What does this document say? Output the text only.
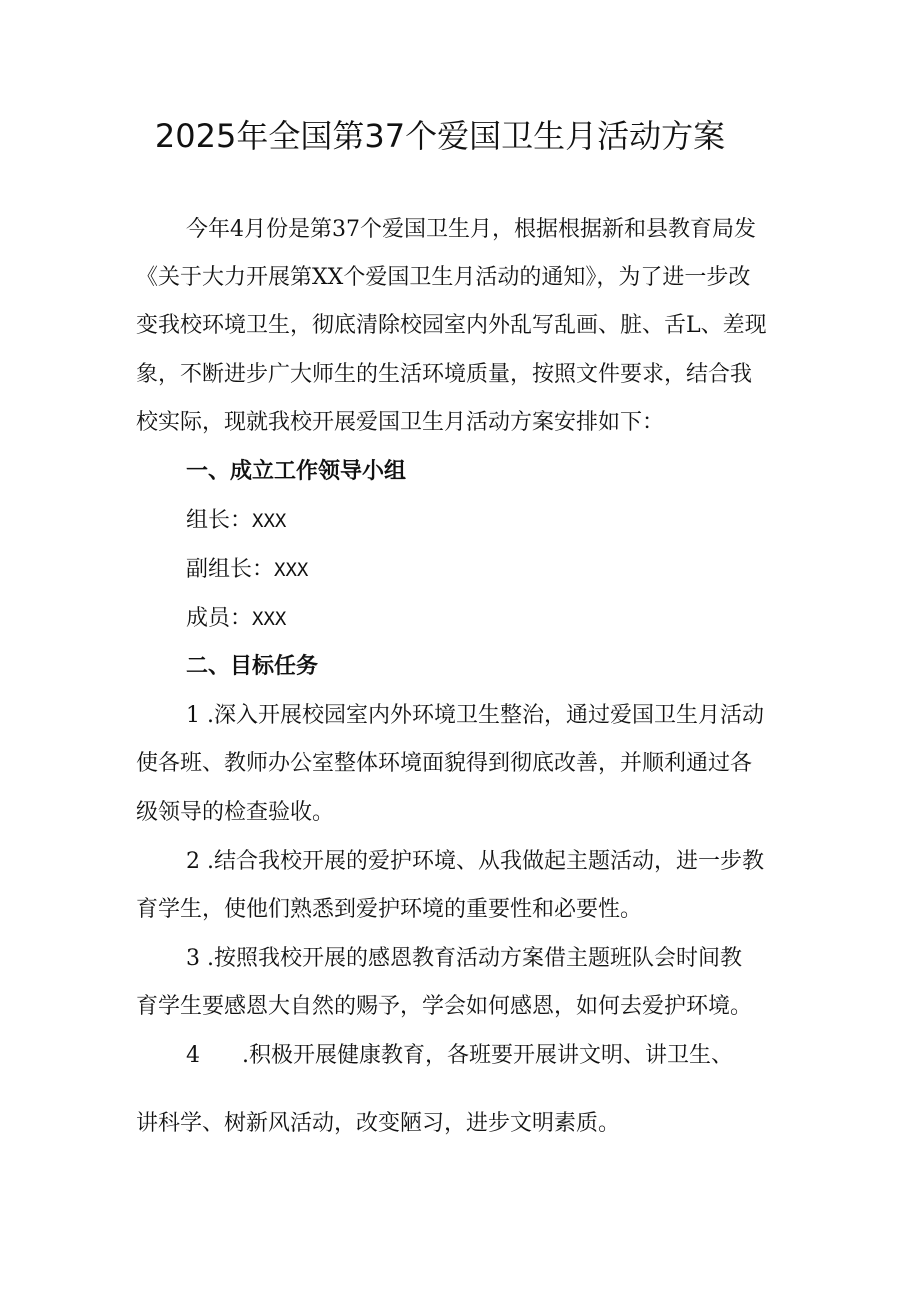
2025年全国第37个爱国卫生月活动方案

今年4月份是第37个爱国卫生月，根据根据新和县教育局发

《关于大力开展第XX个爱国卫生月活动的通知》，为了进一步改

变我校环境卫生，彻底清除校园室内外乱写乱画、脏、舌L、差现

象，不断进步广大师生的生活环境质量，按照文件要求，结合我

校实际，现就我校开展爱国卫生月活动方案安排如下：

一、成立工作领导小组

组长：XXX

副组长：XXX

成员：XXX

二、目标任务

1 .深入开展校园室内外环境卫生整治，通过爱国卫生月活动

使各班、教师办公室整体环境面貌得到彻底改善，并顺利通过各

级领导的检查验收。

2 .结合我校开展的爱护环境、从我做起主题活动，进一步教

育学生，使他们熟悉到爱护环境的重要性和必要性。

3 .按照我校开展的感恩教育活动方案借主题班队会时间教

育学生要感恩大自然的赐予，学会如何感恩，如何去爱护环境。

4 .积极开展健康教育，各班要开展讲文明、讲卫生、

讲科学、树新风活动，改变陋习，进步文明素质。
